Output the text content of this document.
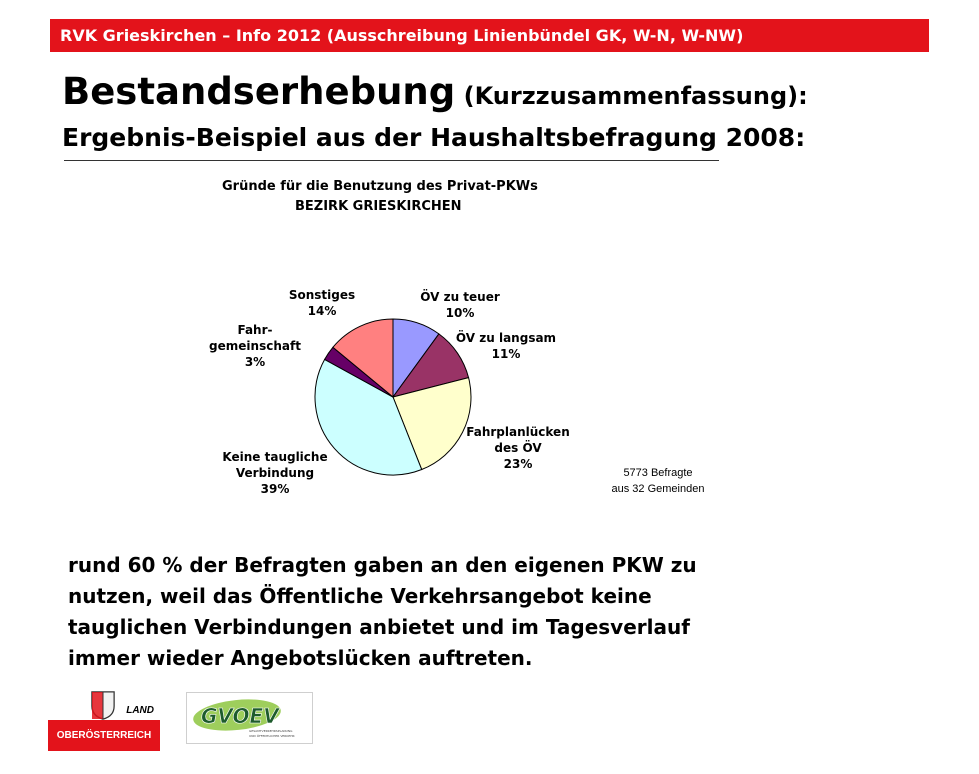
RVK Grieskirchen – Info 2012 (Ausschreibung Linienbündel GK, W-N, W-NW)
Bestandserhebung (Kurzzusammenfassung):
Ergebnis-Beispiel aus der Haushaltsbefragung 2008:
Gründe für die Benutzung des Privat-PKWs
BEZIRK GRIESKIRCHEN
ÖV zu teuer 10%
ÖV zu langsam 11%
Fahrplanlücken des ÖV 23%
Keine taugliche Verbindung 39%
Fahr-gemeinschaft 3%
Sonstiges 14%
5773 Befragte
aus 32 Gemeinden
rund 60 % der Befragten gaben an den eigenen PKW zu
nutzen, weil das Öffentliche Verkehrsangebot keine
tauglichen Verbindungen anbietet und im Tagesverlauf
immer wieder Angebotslücken auftreten.
LAND
OBERÖSTERREICH
GVOEV
GESAMTVERKEHRSPLANUNG
UND ÖFFENTLICHER VERKEHR
